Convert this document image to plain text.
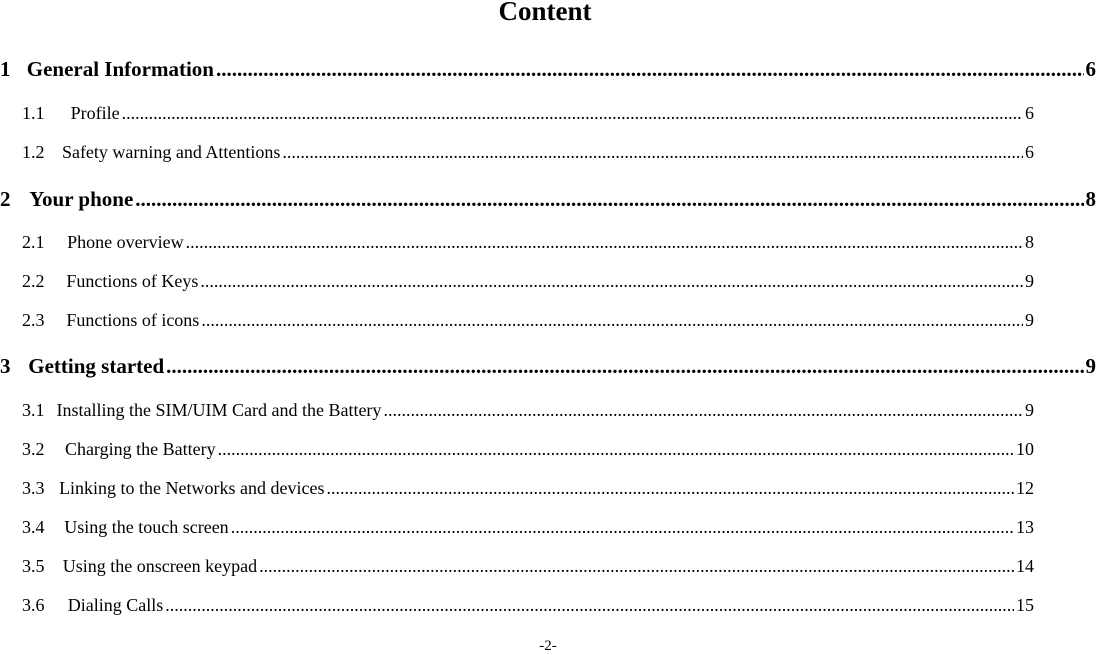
Content
1 General Information .....	6
1.1	Profile .....	6
1.2 Safety warning and Attentions .....	6
2 Your phone .....	8
2.1	Phone overview .....	8
2.2	Functions of Keys .....	9
2.3	Functions of icons .....	9
3 Getting started .....	9
3.1 Installing the SIM/UIM Card and the Battery .....	9
3.2	Charging the Battery .....	10
3.3 Linking to the Networks and devices .....	12
3.4	Using the touch screen .....	13
3.5	Using the onscreen keypad .....	14
3.6	Dialing Calls .....	15
-2-
